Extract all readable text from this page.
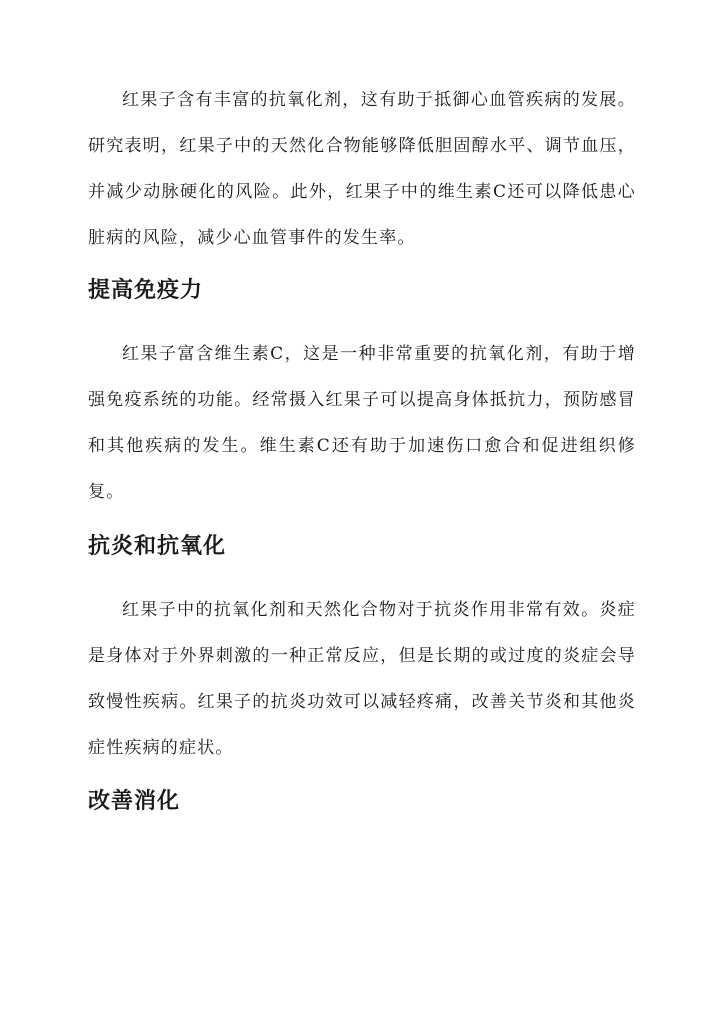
红果子含有丰富的抗氧化剂，这有助于抵御心血管疾病的发展。研究表明，红果子中的天然化合物能够降低胆固醇水平、调节血压，并减少动脉硬化的风险。此外，红果子中的维生素C还可以降低患心脏病的风险，减少心血管事件的发生率。

提高免疫力

红果子富含维生素C，这是一种非常重要的抗氧化剂，有助于增强免疫系统的功能。经常摄入红果子可以提高身体抵抗力，预防感冒和其他疾病的发生。维生素C还有助于加速伤口愈合和促进组织修复。

抗炎和抗氧化

红果子中的抗氧化剂和天然化合物对于抗炎作用非常有效。炎症是身体对于外界刺激的一种正常反应，但是长期的或过度的炎症会导致慢性疾病。红果子的抗炎功效可以减轻疼痛，改善关节炎和其他炎症性疾病的症状。

改善消化
